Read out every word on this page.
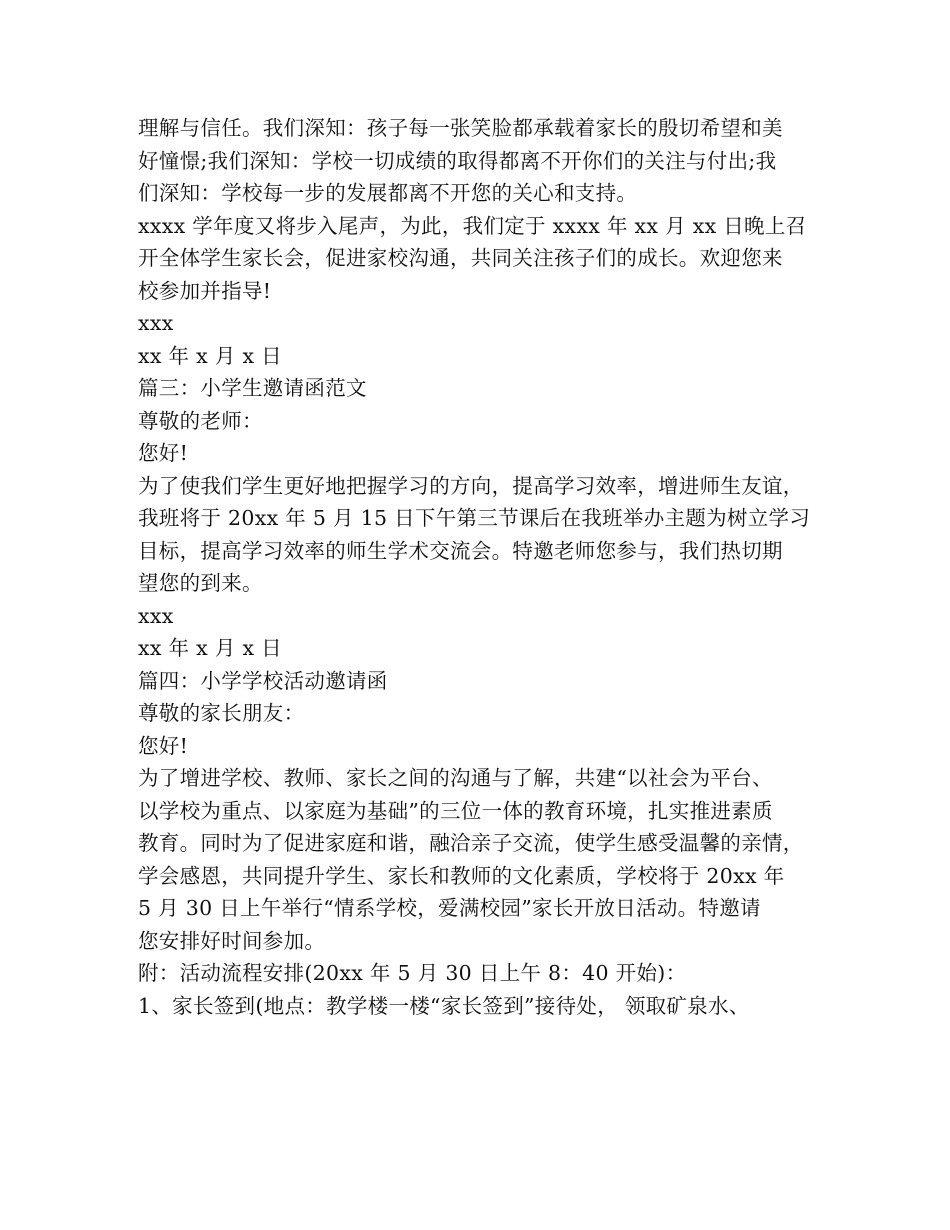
理解与信任。我们深知：孩子每一张笑脸都承载着家长的殷切希望和美
好憧憬;我们深知：学校一切成绩的取得都离不开你们的关注与付出;我
们深知：学校每一步的发展都离不开您的关心和支持。
xxxx 学年度又将步入尾声，为此，我们定于 xxxx 年 xx 月 xx 日晚上召
开全体学生家长会，促进家校沟通，共同关注孩子们的成长。欢迎您来
校参加并指导!
xxx
xx 年 x 月 x 日
篇三：小学生邀请函范文
尊敬的老师：
您好!
为了使我们学生更好地把握学习的方向，提高学习效率，增进师生友谊，
我班将于 20xx 年 5 月 15 日下午第三节课后在我班举办主题为树立学习
目标，提高学习效率的师生学术交流会。特邀老师您参与，我们热切期
望您的到来。
xxx
xx 年 x 月 x 日
篇四：小学学校活动邀请函
尊敬的家长朋友：
您好!
为了增进学校、教师、家长之间的沟通与了解，共建“以社会为平台、
以学校为重点、以家庭为基础”的三位一体的教育环境，扎实推进素质
教育。同时为了促进家庭和谐，融洽亲子交流，使学生感受温馨的亲情，
学会感恩，共同提升学生、家长和教师的文化素质，学校将于 20xx 年
5 月 30 日上午举行“情系学校，爱满校园”家长开放日活动。特邀请
您安排好时间参加。
附：活动流程安排(20xx 年 5 月 30 日上午 8：40 开始)：
1、家长签到(地点：教学楼一楼“家长签到”接待处， 领取矿泉水、
